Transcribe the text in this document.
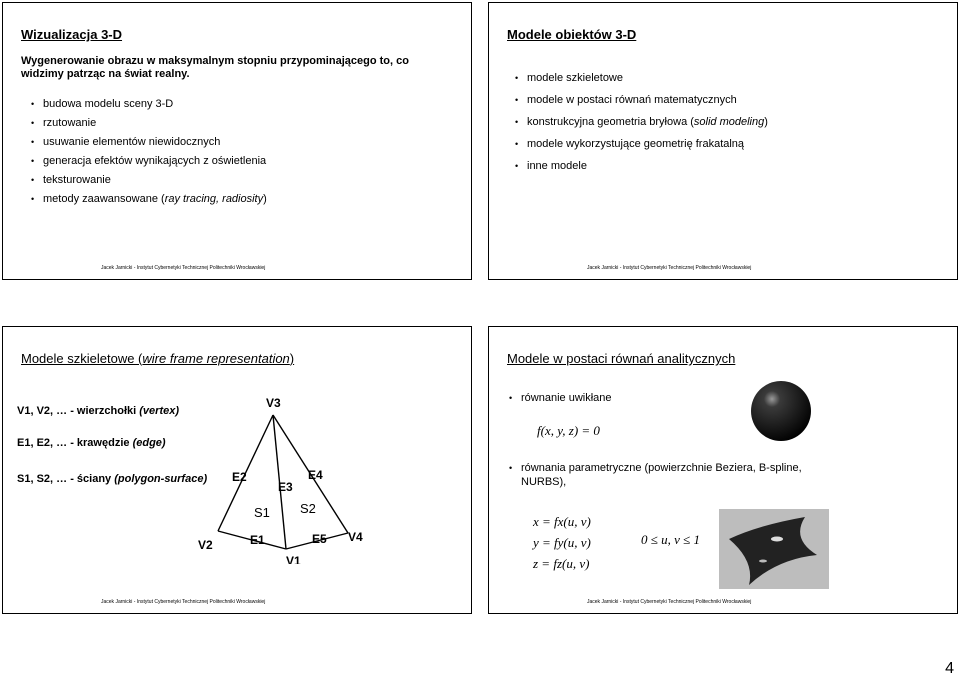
Wizualizacja 3-D
Wygenerowanie obrazu w maksymalnym stopniu przypominającego to, co widzimy patrząc na świat realny.
• budowa modelu sceny 3-D
• rzutowanie
• usuwanie elementów niewidocznych
• generacja efektów wynikających z oświetlenia
• teksturowanie
• metody zaawansowane (ray tracing, radiosity)
Jacek Jarnicki - Instytut Cybernetyki Technicznej Politechniki Wrocławskiej
Modele obiektów 3-D
• modele szkieletowe
• modele w postaci równań matematycznych
• konstrukcyjna geometria bryłowa (solid modeling)
• modele wykorzystujące geometrię frakatalną
• inne modele
Jacek Jarnicki - Instytut Cybernetyki Technicznej Politechniki Wrocławskiej
Modele szkieletowe (wire frame representation)
V1, V2, … - wierzchołki (vertex)
E1, E2, … - krawędzie (edge)
S1, S2, … - ściany (polygon-surface)
V3
V2
V1
V4
E2
E3
E4
E1	E5
S1 S2
Jacek Jarnicki - Instytut Cybernetyki Technicznej Politechniki Wrocławskiej
Modele w postaci równań analitycznych
• równanie uwikłane
f(x, y, z) = 0
• równania parametryczne (powierzchnie Beziera, B-spline, NURBS),
x = fx(u, v)
y = fy(u, v)
z = fz(u, v)
0 ≤ u, v ≤ 1
Jacek Jarnicki - Instytut Cybernetyki Technicznej Politechniki Wrocławskiej
4
